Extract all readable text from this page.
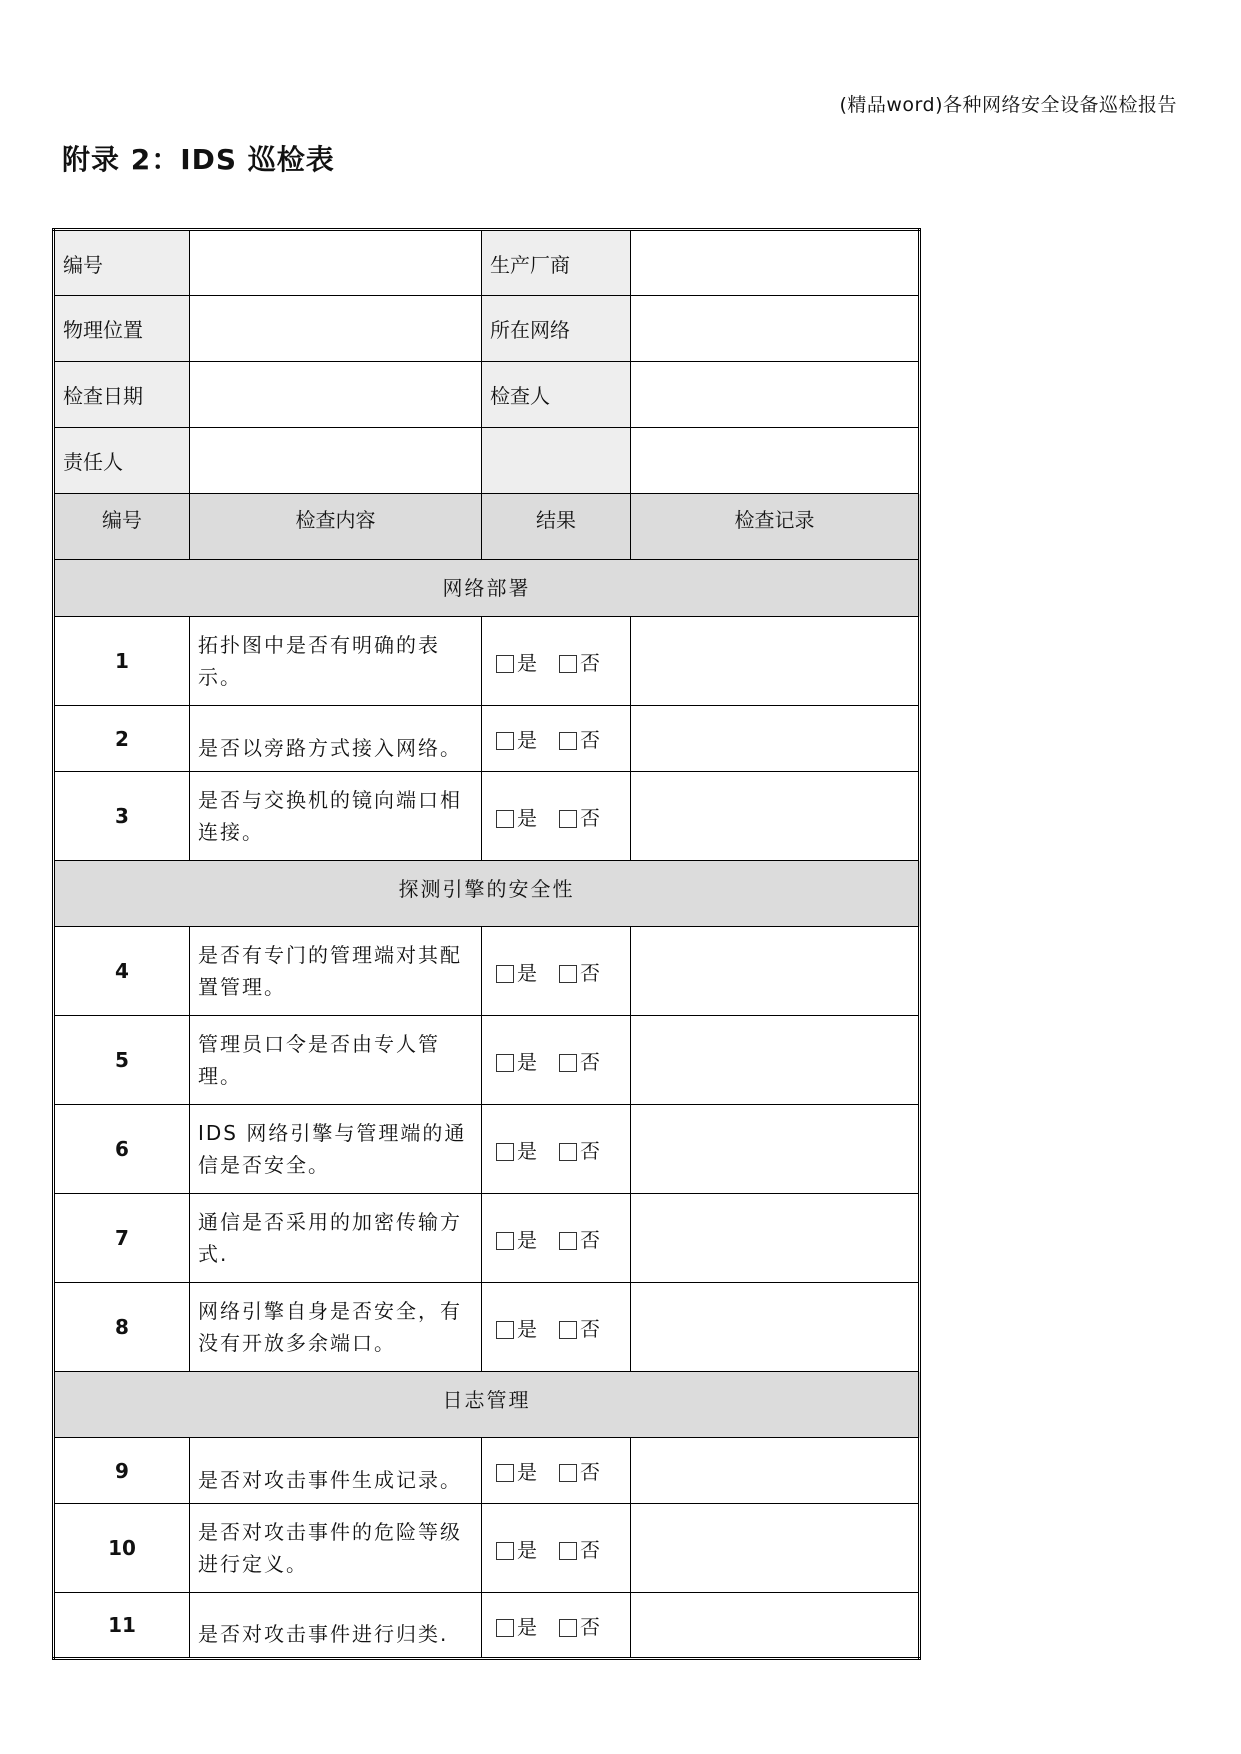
(精品word)各种网络安全设备巡检报告
附录 2：IDS 巡检表
编号		生产厂商	
物理位置		所在网络	
检查日期		检查人	
责任人			
编号	检查内容	结果	检查记录
网络部署			
1	拓扑图中是否有明确的表示。	是 否	
2	是否以旁路方式接入网络。	是 否	
3	是否与交换机的镜向端口相连接。	是 否	
探测引擎的安全性			
4	是否有专门的管理端对其配置管理。	是 否	
5	管理员口令是否由专人管理。	是 否	
6	IDS 网络引擎与管理端的通信是否安全。	是 否	
7	通信是否采用的加密传输方式.	是 否	
8	网络引擎自身是否安全，有没有开放多余端口。	是 否	
日志管理			
9	是否对攻击事件生成记录。	是 否	
10	是否对攻击事件的危险等级进行定义。	是 否	
11	是否对攻击事件进行归类.	是 否	
